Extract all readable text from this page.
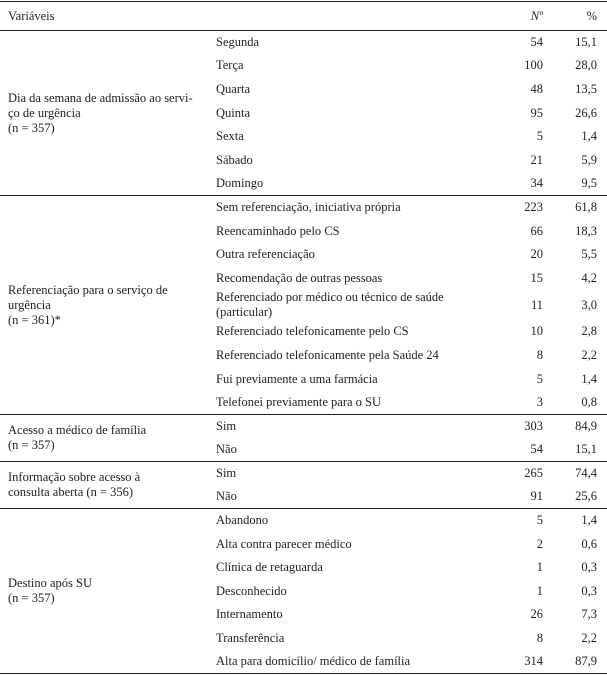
Variáveis		Nº	%

Dia da semana de admissão ao servi-
ço de urgência
(n = 357)	Segunda	54	15,1
	Terça	100	28,0
	Quarta	48	13,5
	Quinta	95	26,6
	Sexta	5	1,4
	Sábado	21	5,9
	Domingo	34	9,5

Referenciação para o serviço de
urgência
(n = 361)*	Sem referenciação, iniciativa própria	223	61,8
	Reencaminhado pelo CS	66	18,3
	Outra referenciação	20	5,5
	Recomendação de outras pessoas	15	4,2
	Referenciado por médico ou técnico de saúde (particular)	11	3,0
	Referenciado telefonicamente pelo CS	10	2,8
	Referenciado telefonicamente pela Saúde 24	8	2,2
	Fui previamente a uma farmácia	5	1,4
	Telefonei previamente para o SU	3	0,8

Acesso a médico de família
(n = 357)	Sim	303	84,9
	Não	54	15,1

Informação sobre acesso à
consulta aberta (n = 356)	Sim	265	74,4
	Não	91	25,6

Destino após SU
(n = 357)	Abandono	5	1,4
	Alta contra parecer médico	2	0,6
	Clínica de retaguarda	1	0,3
	Desconhecido	1	0,3
	Internamento	26	7,3
	Transferência	8	2,2
	Alta para domicílio/ médico de família	314	87,9
